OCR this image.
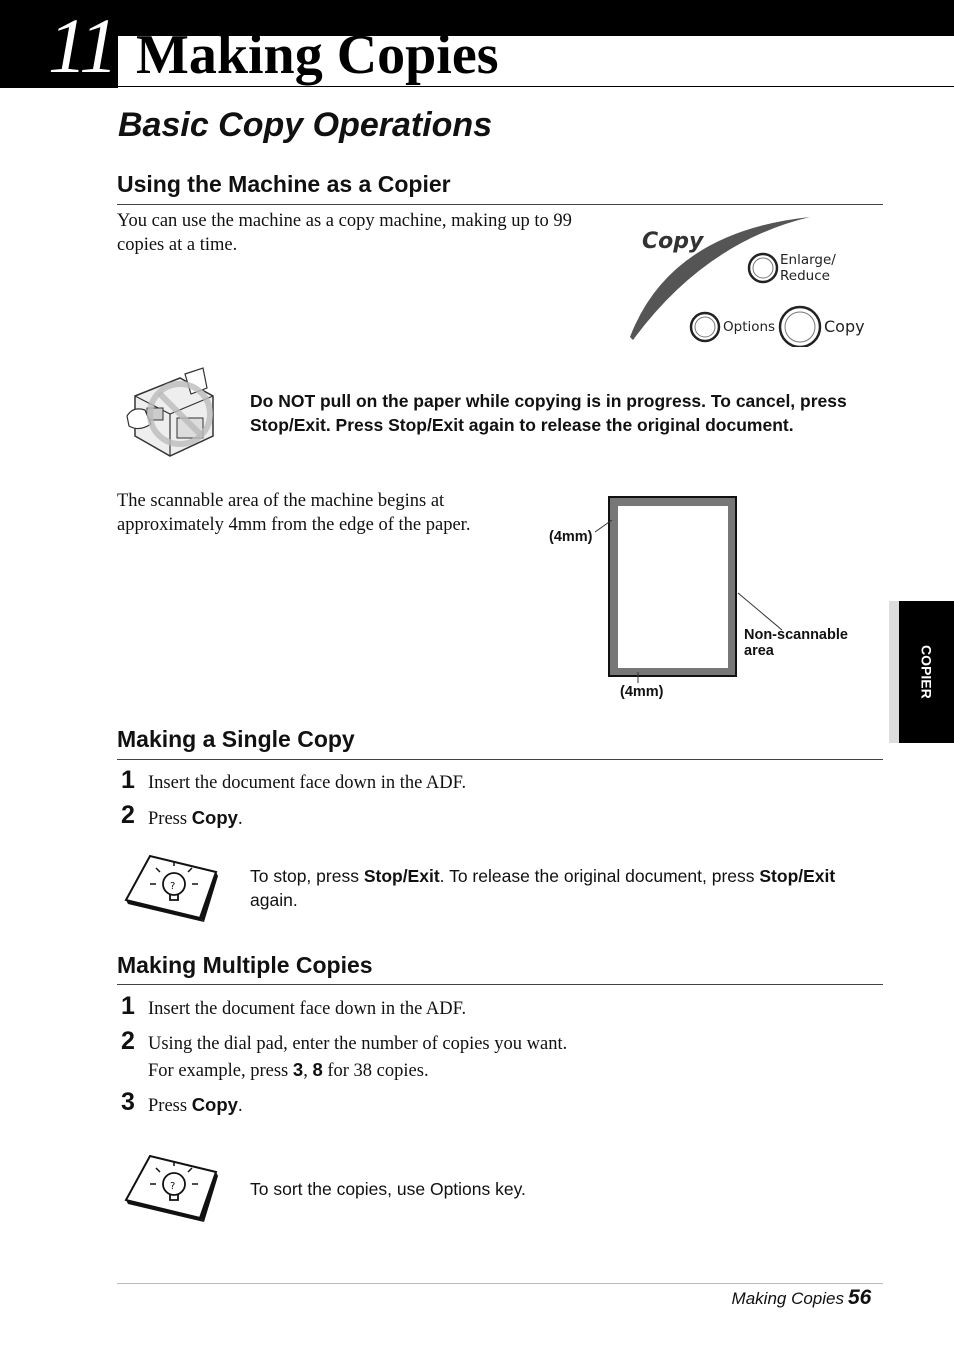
11 Making Copies
Basic Copy Operations
Using the Machine as a Copier
You can use the machine as a copy machine, making up to 99 copies at a time.	Copy
Enlarge/
Reduce
Options	Copy
Do NOT pull on the paper while copying is in progress. To cancel, press
Stop/Exit. Press Stop/Exit again to release the original document.
The scannable area of the machine begins at
approximately 4mm from the edge of the paper.
(4mm)
(4mm)
Non-scannable
area	COPIER
Making a Single Copy
1 Insert the document face down in the ADF.
2 Press Copy.
?
To stop, press Stop/Exit. To release the original document, press Stop/Exit
again.
Making Multiple Copies
1 Insert the document face down in the ADF.
2 Using the dial pad, enter the number of copies you want.
For example, press 3, 8 for 38 copies.
3 Press Copy.
?	To sort the copies, use Options key.
Making Copies 56
